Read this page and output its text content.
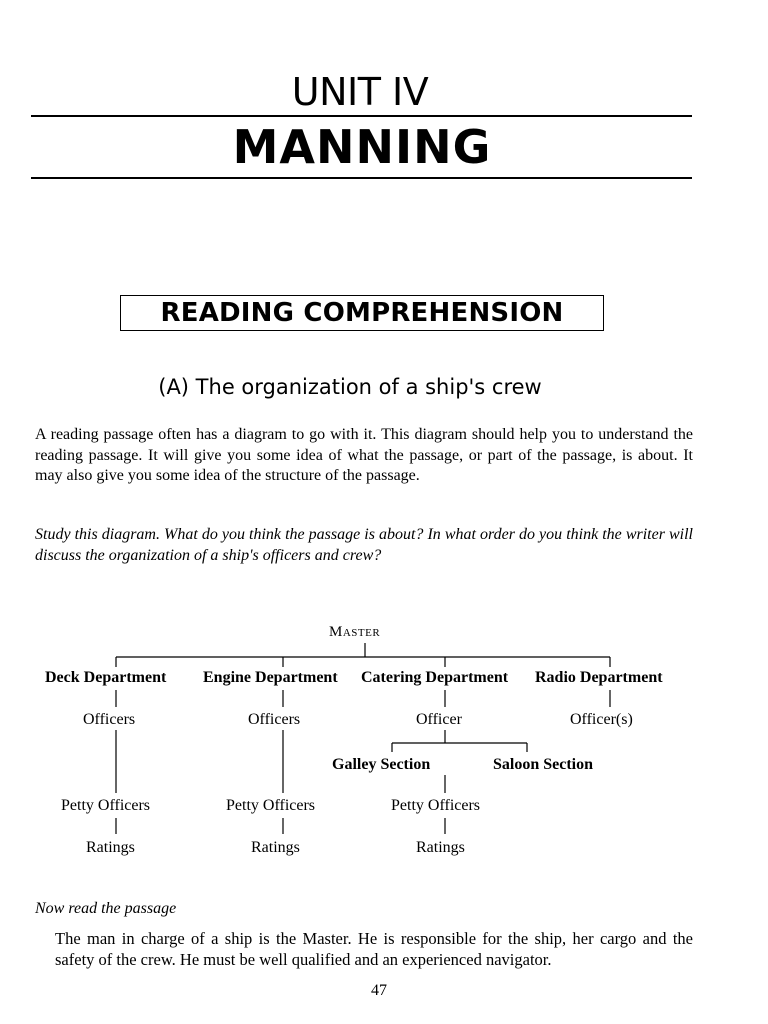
UNIT IV
MANNING
READING COMPREHENSION
(A) The organization of a ship's crew

A reading passage often has a diagram to go with it. This diagram should help you to understand the reading passage. It will give you some idea of what the passage, or part of the passage, is about. It may also give you some idea of the structure of the passage.

Study this diagram. What do you think the passage is about? In what order do you think the writer will discuss the organization of a ship's officers and crew?

Master
Deck Department Engine Department Catering Department Radio Department
Officers	Officers	Officer	Officer(s)
Galley Section	Saloon Section
Petty Officers	Petty Officers	Petty Officers
Ratings	Ratings	Ratings
Now read the passage

The man in charge of a ship is the Master. He is responsible for the ship, her cargo and the safety of the crew. He must be well qualified and an experienced navigator.

47
